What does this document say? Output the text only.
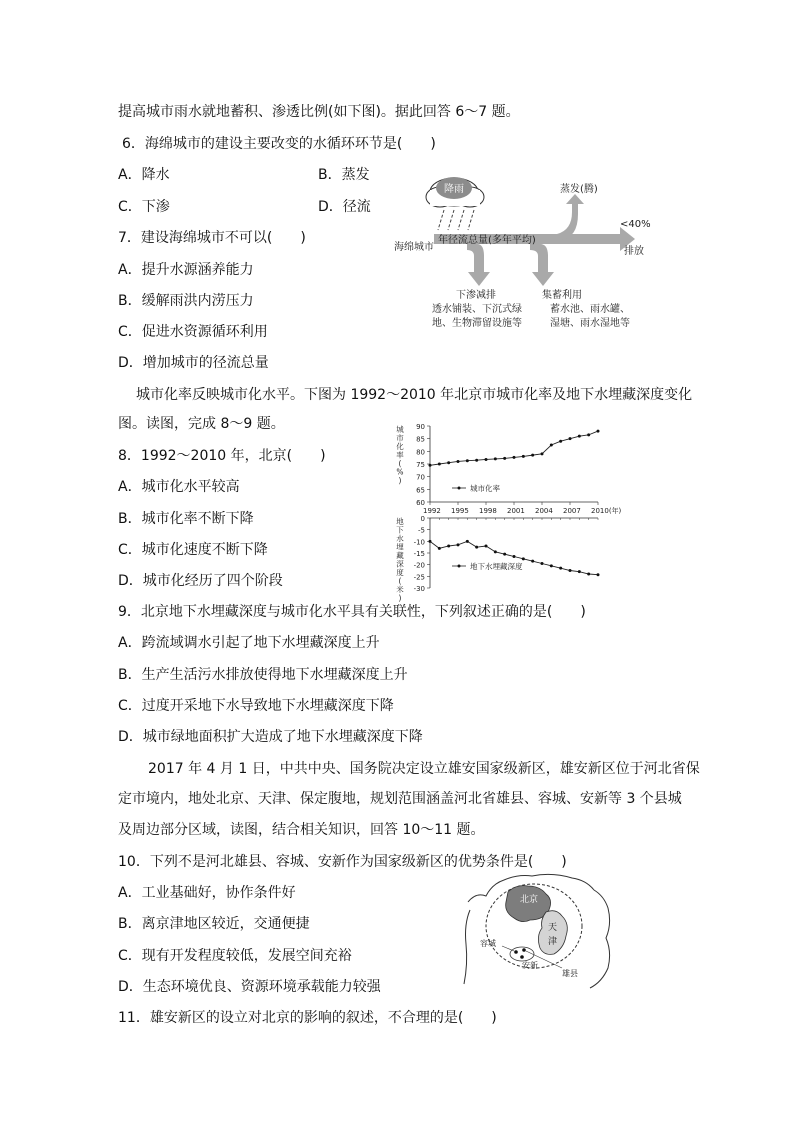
提高城市雨水就地蓄积、渗透比例(如下图)。据此回答 6～7 题。
6．海绵城市的建设主要改变的水循环环节是(　　)
A．降水	B．蒸发
C．下渗	D．径流
7．建设海绵城市不可以(　　)
A．提升水源涵养能力
B．缓解雨洪内涝压力
C．促进水资源循环利用
D．增加城市的径流总量
降雨
海绵城市
年径流总量(多年平均)
蒸发(腾)
<40%
排放
下渗减排
透水铺装、下沉式绿
地、生物滞留设施等
集蓄利用
蓄水池、雨水罐、
湿塘、雨水湿地等
城市化率反映城市化水平。下图为 1992～2010 年北京市城市化率及地下水埋藏深度变化
图。读图，完成 8～9 题。
8．1992～2010 年，北京(　　)
A．城市化水平较高
B．城市化率不断下降
C．城市化速度不断下降
D．城市化经历了四个阶段
90
85
80
75
70
65
60
1992 1995 1998 2001 2004 2007 2010(年)
城
市
化
率
(
%
)
城市化率
0
-5
-10
-15
-20
-25
-30
地
下
水
埋
藏
深
度
(
米
)
地下水埋藏深度
9．北京地下水埋藏深度与城市化水平具有关联性，下列叙述正确的是(　　)
A．跨流域调水引起了地下水埋藏深度上升
B．生产生活污水排放使得地下水埋藏深度上升
C．过度开采地下水导致地下水埋藏深度下降
D．城市绿地面积扩大造成了地下水埋藏深度下降
2017 年 4 月 1 日，中共中央、国务院决定设立雄安国家级新区，雄安新区位于河北省保
定市境内，地处北京、天津、保定腹地，规划范围涵盖河北省雄县、容城、安新等 3 个县城
及周边部分区域，读图，结合相关知识，回答 10～11 题。
10．下列不是河北雄县、容城、安新作为国家级新区的优势条件是(　　)
A．工业基础好，协作条件好
B．离京津地区较近，交通便捷
C．现有开发程度较低，发展空间充裕
D．生态环境优良、资源环境承载能力较强
北京
天
津
容城
安新
雄县
11．雄安新区的设立对北京的影响的叙述，不合理的是(　　)
